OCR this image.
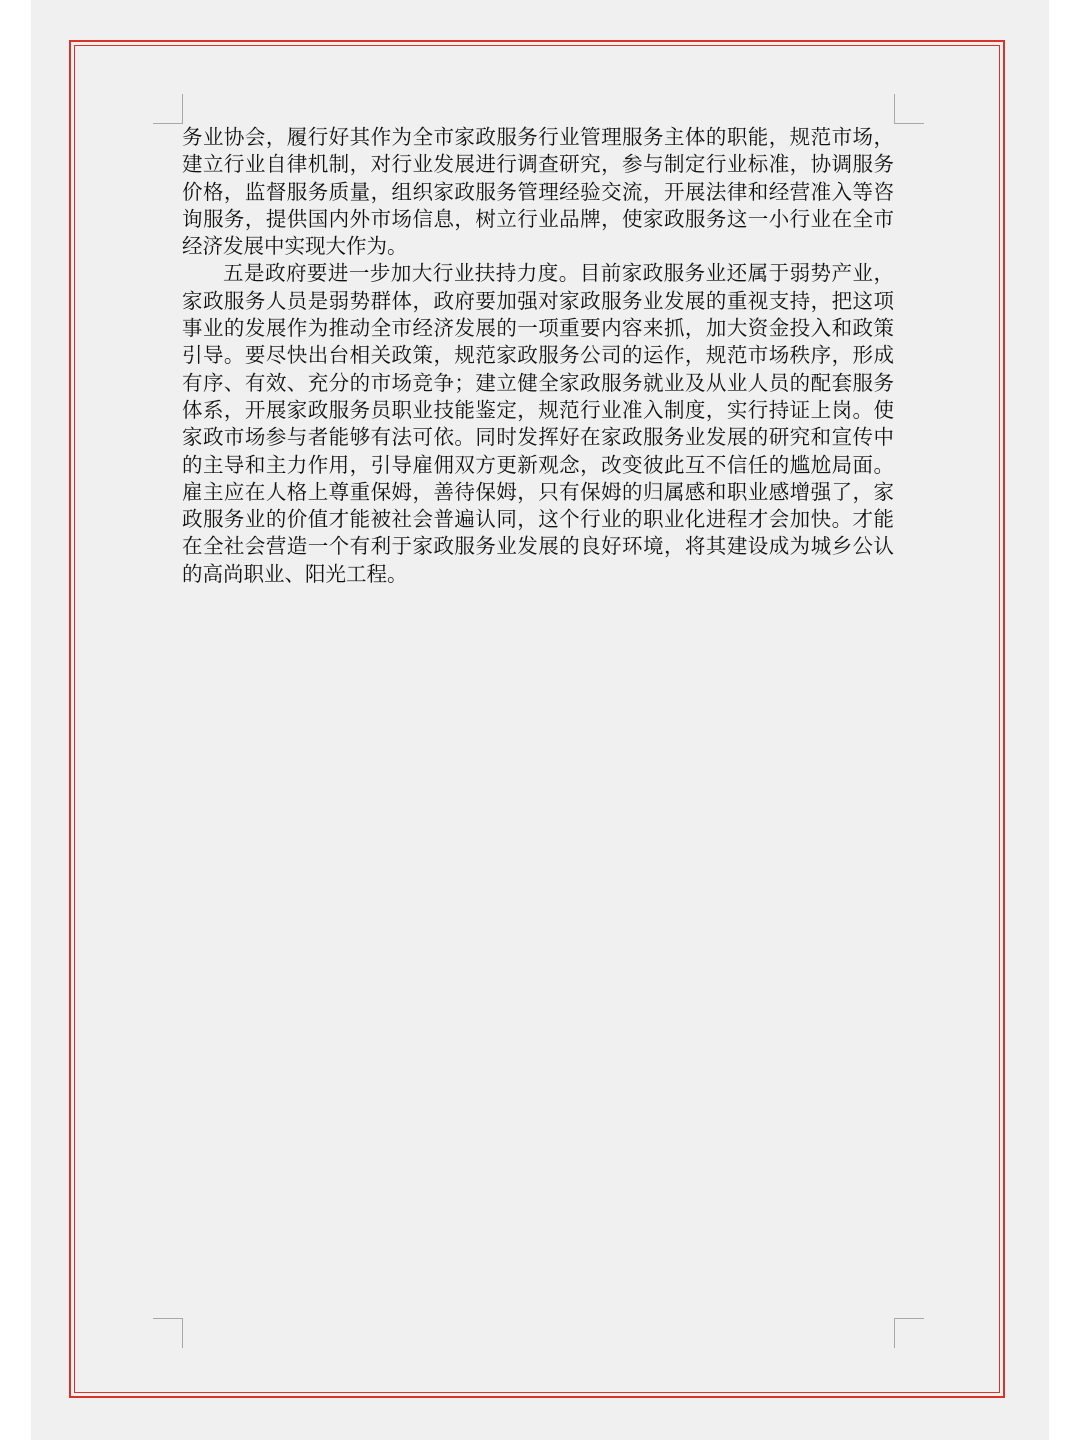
务业协会，履行好其作为全市家政服务行业管理服务主体的职能，规范市场，建立行业自律机制，对行业发展进行调查研究，参与制定行业标准，协调服务价格，监督服务质量，组织家政服务管理经验交流，开展法律和经营准入等咨询服务，提供国内外市场信息，树立行业品牌，使家政服务这一小行业在全市经济发展中实现大作为。

五是政府要进一步加大行业扶持力度。目前家政服务业还属于弱势产业，家政服务人员是弱势群体，政府要加强对家政服务业发展的重视支持，把这项事业的发展作为推动全市经济发展的一项重要内容来抓，加大资金投入和政策引导。要尽快出台相关政策，规范家政服务公司的运作，规范市场秩序，形成有序、有效、充分的市场竞争；建立健全家政服务就业及从业人员的配套服务体系，开展家政服务员职业技能鉴定，规范行业准入制度，实行持证上岗。使家政市场参与者能够有法可依。同时发挥好在家政服务业发展的研究和宣传中的主导和主力作用，引导雇佣双方更新观念，改变彼此互不信任的尴尬局面。雇主应在人格上尊重保姆，善待保姆，只有保姆的归属感和职业感增强了，家政服务业的价值才能被社会普遍认同，这个行业的职业化进程才会加快。才能在全社会营造一个有利于家政服务业发展的良好环境，将其建设成为城乡公认的高尚职业、阳光工程。
